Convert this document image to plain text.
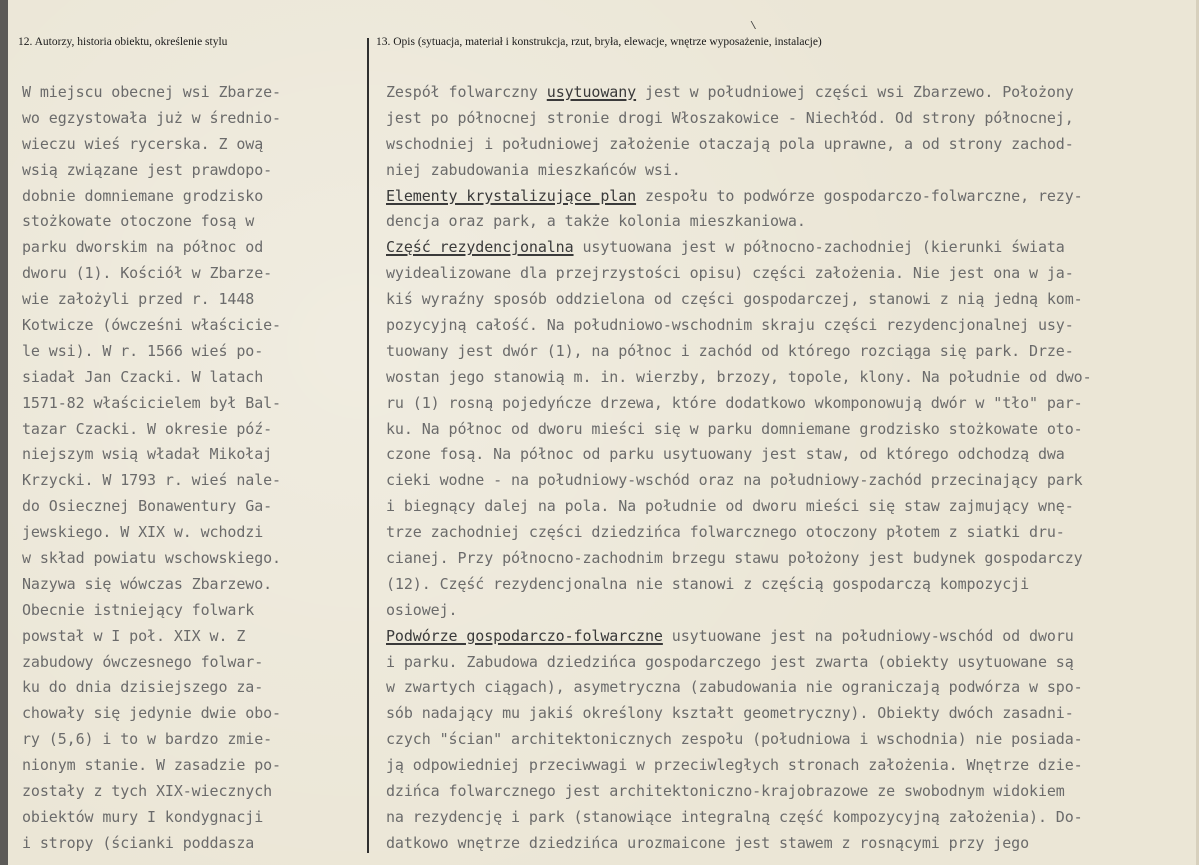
12. Autorzy, historia obiektu, określenie stylu	13. Opis (sytuacja, materiał i konstrukcja, rzut, bryła, elewacje, wnętrze wyposażenie, instalacje)
\
W miejscu obecnej wsi Zbarze-
wo egzystowała już w średnio-
wieczu wieś rycerska. Z ową
wsią związane jest prawdopo-
dobnie domniemane grodzisko
stożkowate otoczone fosą w
parku dworskim na północ od
dworu (1). Kościół w Zbarze-
wie założyli przed r. 1448
Kotwicze (ówcześni właścicie-
le wsi). W r. 1566 wieś po-
siadał Jan Czacki. W latach
1571-82 właścicielem był Bal-
tazar Czacki. W okresie póź-
niejszym wsią władał Mikołaj
Krzycki. W 1793 r. wieś nale-
do Osiecznej Bonawentury Ga-
jewskiego. W XIX w. wchodzi
w skład powiatu wschowskiego.
Nazywa się wówczas Zbarzewo.
Obecnie istniejący folwark
powstał w I poł. XIX w. Z
zabudowy ówczesnego folwar-
ku do dnia dzisiejszego za-
chowały się jedynie dwie obo-
ry (5,6) i to w bardzo zmie-
nionym stanie. W zasadzie po-
zostały z tych XIX-wiecznych
obiektów mury I kondygnacji
i stropy (ścianki poddasza
Zespół folwarczny usytuowany jest w południowej części wsi Zbarzewo. Położony
jest po północnej stronie drogi Włoszakowice - Niechłód. Od strony północnej,
wschodniej i południowej założenie otaczają pola uprawne, a od strony zachod-
niej zabudowania mieszkańców wsi.
Elementy krystalizujące plan zespołu to podwórze gospodarczo-folwarczne, rezy-
dencja oraz park, a także kolonia mieszkaniowa.
Część rezydencjonalna usytuowana jest w północno-zachodniej (kierunki świata
wyidealizowane dla przejrzystości opisu) części założenia. Nie jest ona w ja-
kiś wyraźny sposób oddzielona od części gospodarczej, stanowi z nią jedną kom-
pozycyjną całość. Na południowo-wschodnim skraju części rezydencjonalnej usy-
tuowany jest dwór (1), na północ i zachód od którego rozciąga się park. Drze-
wostan jego stanowią m. in. wierzby, brzozy, topole, klony. Na południe od dwo-
ru (1) rosną pojedyńcze drzewa, które dodatkowo wkomponowują dwór w "tło" par-
ku. Na północ od dworu mieści się w parku domniemane grodzisko stożkowate oto-
czone fosą. Na północ od parku usytuowany jest staw, od którego odchodzą dwa
cieki wodne - na południowy-wschód oraz na południowy-zachód przecinający park
i biegnący dalej na pola. Na południe od dworu mieści się staw zajmujący wnę-
trze zachodniej części dziedzińca folwarcznego otoczony płotem z siatki dru-
cianej. Przy północno-zachodnim brzegu stawu położony jest budynek gospodarczy
(12). Część rezydencjonalna nie stanowi z częścią gospodarczą kompozycji
osiowej.
Podwórze gospodarczo-folwarczne usytuowane jest na południowy-wschód od dworu
i parku. Zabudowa dziedzińca gospodarczego jest zwarta (obiekty usytuowane są
w zwartych ciągach), asymetryczna (zabudowania nie ograniczają podwórza w spo-
sób nadający mu jakiś określony kształt geometryczny). Obiekty dwóch zasadni-
czych "ścian" architektonicznych zespołu (południowa i wschodnia) nie posiada-
ją odpowiedniej przeciwwagi w przeciwległych stronach założenia. Wnętrze dzie-
dzińca folwarcznego jest architektoniczno-krajobrazowe ze swobodnym widokiem
na rezydencję i park (stanowiące integralną część kompozycyjną założenia). Do-
datkowo wnętrze dziedzińca urozmaicone jest stawem z rosnącymi przy jego
